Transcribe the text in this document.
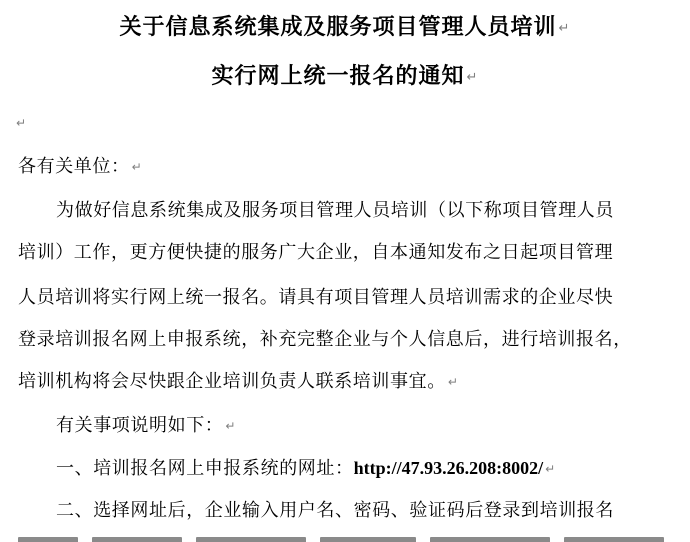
关于信息系统集成及服务项目管理人员培训 ↵
实行网上统一报名的通知 ↵
↵
各有关单位： ↵
为做好信息系统集成及服务项目管理人员培训（以下称项目管理人员
培训）工作，更方便快捷的服务广大企业，自本通知发布之日起项目管理
人员培训将实行网上统一报名。请具有项目管理人员培训需求的企业尽快
登录培训报名网上申报系统，补充完整企业与个人信息后，进行培训报名，
培训机构将会尽快跟企业培训负责人联系培训事宜。 ↵
有关事项说明如下： ↵
一、培训报名网上申报系统的网址：http://47.93.26.208:8002/ ↵
二、选择网址后，企业输入用户名、密码、验证码后登录到培训报名
